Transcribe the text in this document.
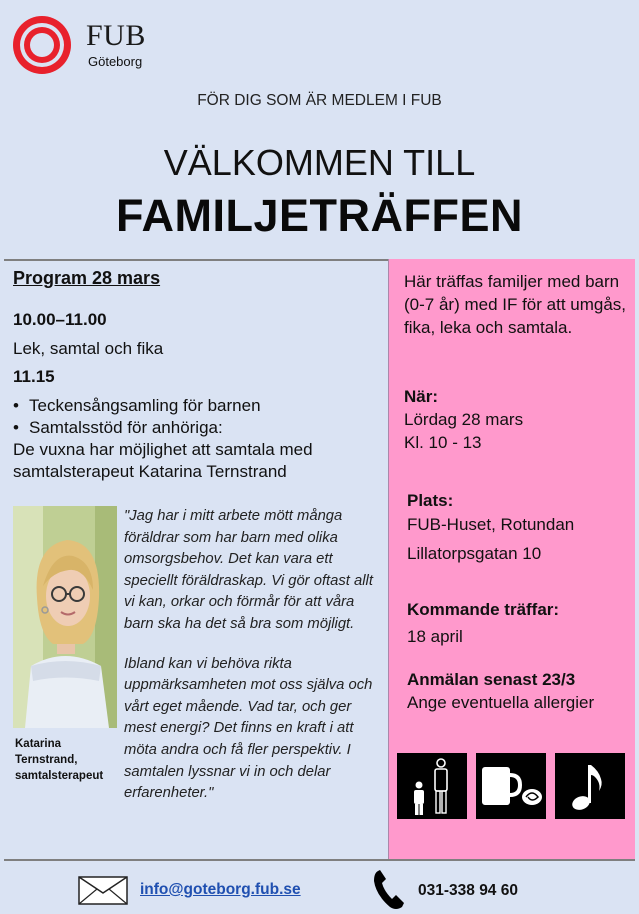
FUB
Göteborg
FÖR DIG SOM ÄR MEDLEM I FUB
VÄLKOMMEN TILL
FAMILJETRÄFFEN
Program 28 mars
10.00–11.00
Lek, samtal och fika
11.15
• Teckensångsamling för barnen
• Samtalsstöd för anhöriga:
De vuxna har möjlighet att samtala med
samtalsterapeut Katarina Ternstrand
Katarina
Ternstrand,
samtalsterapeut

"Jag har i mitt arbete mött många föräldrar som har barn med olika omsorgsbehov. Det kan vara ett speciellt föräldraskap. Vi gör oftast allt vi kan, orkar och förmår för att våra barn ska ha det så bra som möjligt.

Ibland kan vi behöva rikta uppmärksamheten mot oss själva och vårt eget mående. Vad tar, och ger mest energi? Det finns en kraft i att möta andra och få fler perspektiv. I samtalen lyssnar vi in och delar erfarenheter."

Här träffas familjer med barn (0-7 år) med IF för att umgås, fika, leka och samtala.
När:
Lördag 28 mars
Kl. 10 - 13
Plats:
FUB-Huset, Rotundan
Lillatorpsgatan 10
Kommande träffar:
18 april
Anmälan senast 23/3
Ange eventuella allergier
info@goteborg.fub.se	031-338 94 60
